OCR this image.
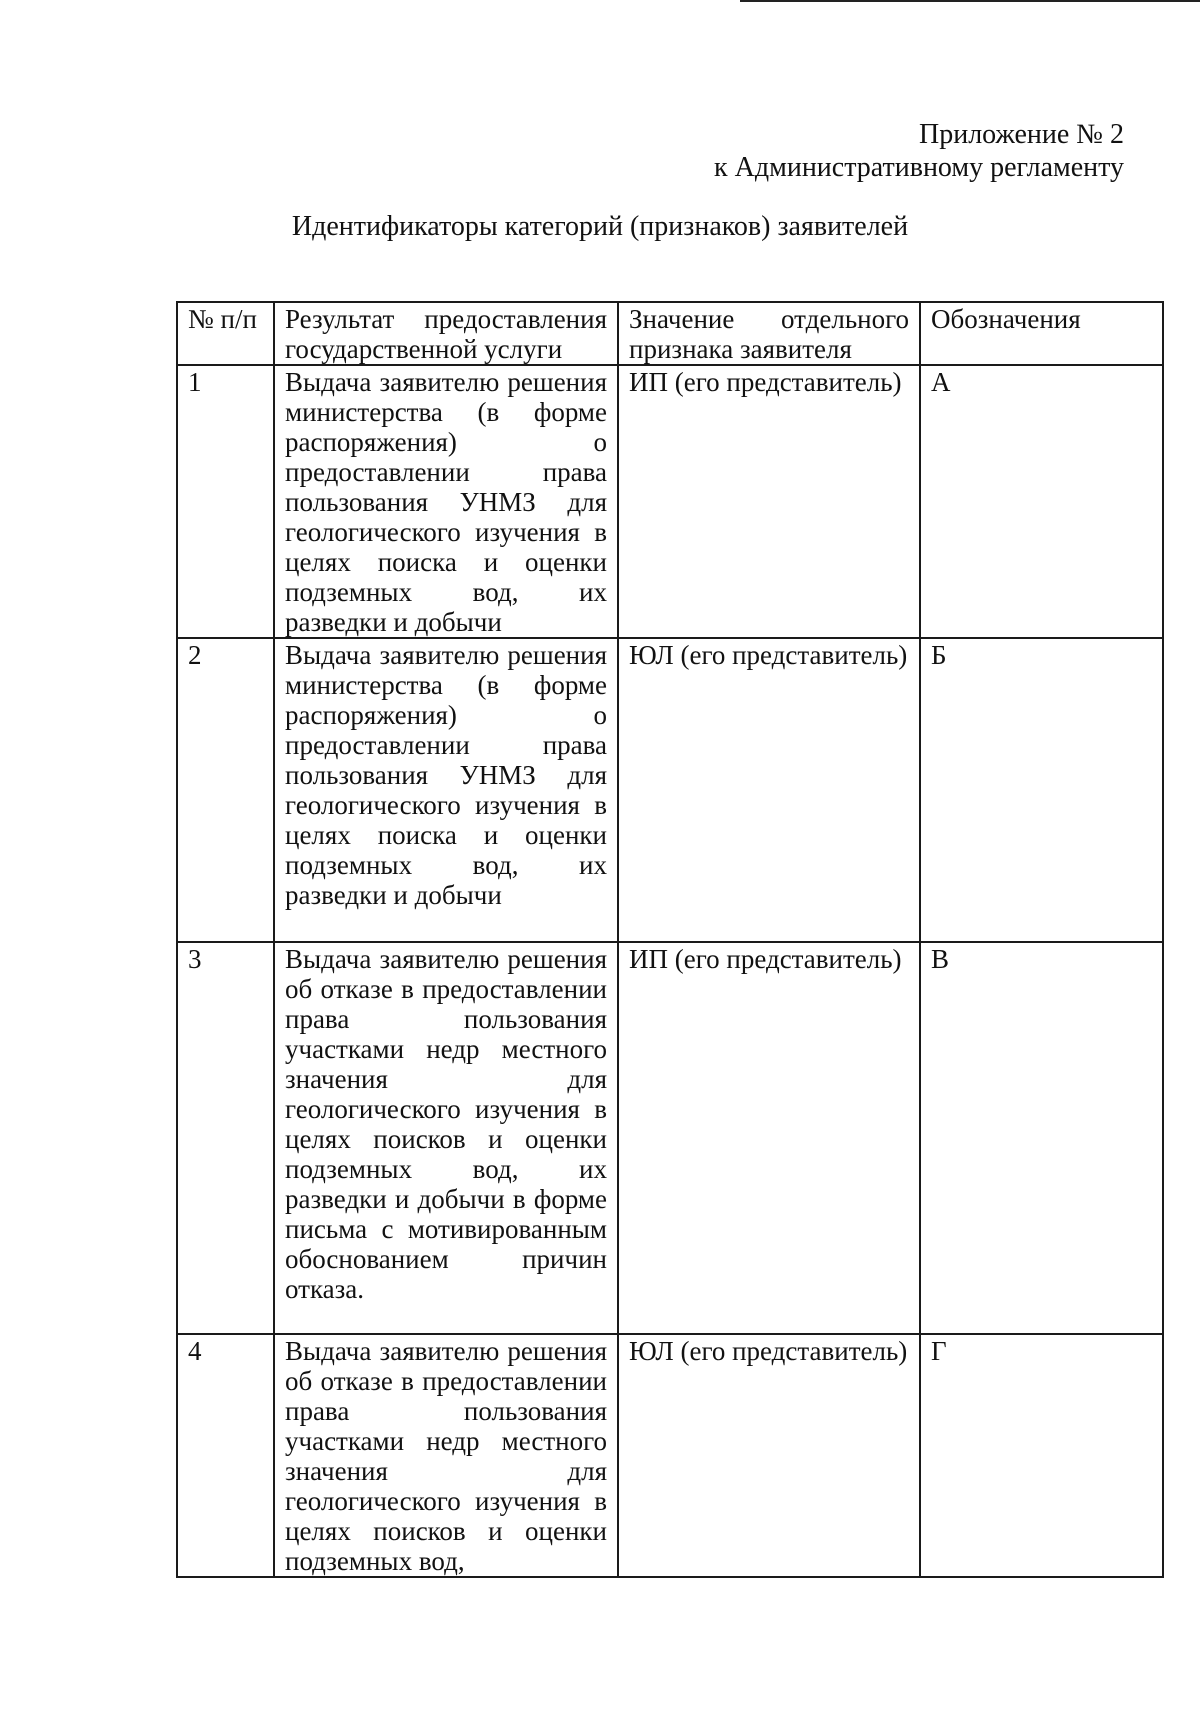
Приложение № 2
к Административному регламенту
Идентификаторы категорий (признаков) заявителей
№ п/п	Результат предоставления государственной услуги	Значение отдельного признака заявителя	Обозначения
1	Выдача заявителю решения министерства (в форме распоряжения) о предоставлении права пользования УНМЗ для геологического изучения в целях поиска и оценки подземных вод, их разведки и добычи	ИП (его представитель)	А
2	Выдача заявителю решения министерства (в форме распоряжения) о предоставлении права пользования УНМЗ для геологического изучения в целях поиска и оценки подземных вод, их разведки и добычи	ЮЛ (его представитель)	Б
3	Выдача заявителю решения об отказе в предоставлении права пользования участками недр местного значения для геологического изучения в целях поисков и оценки подземных вод, их разведки и добычи в форме письма с мотивированным обоснованием причин отказа.	ИП (его представитель)	В
4	Выдача заявителю решения об отказе в предоставлении права пользования участками недр местного значения для геологического изучения в целях поисков и оценки подземных вод,	ЮЛ (его представитель)	Г
